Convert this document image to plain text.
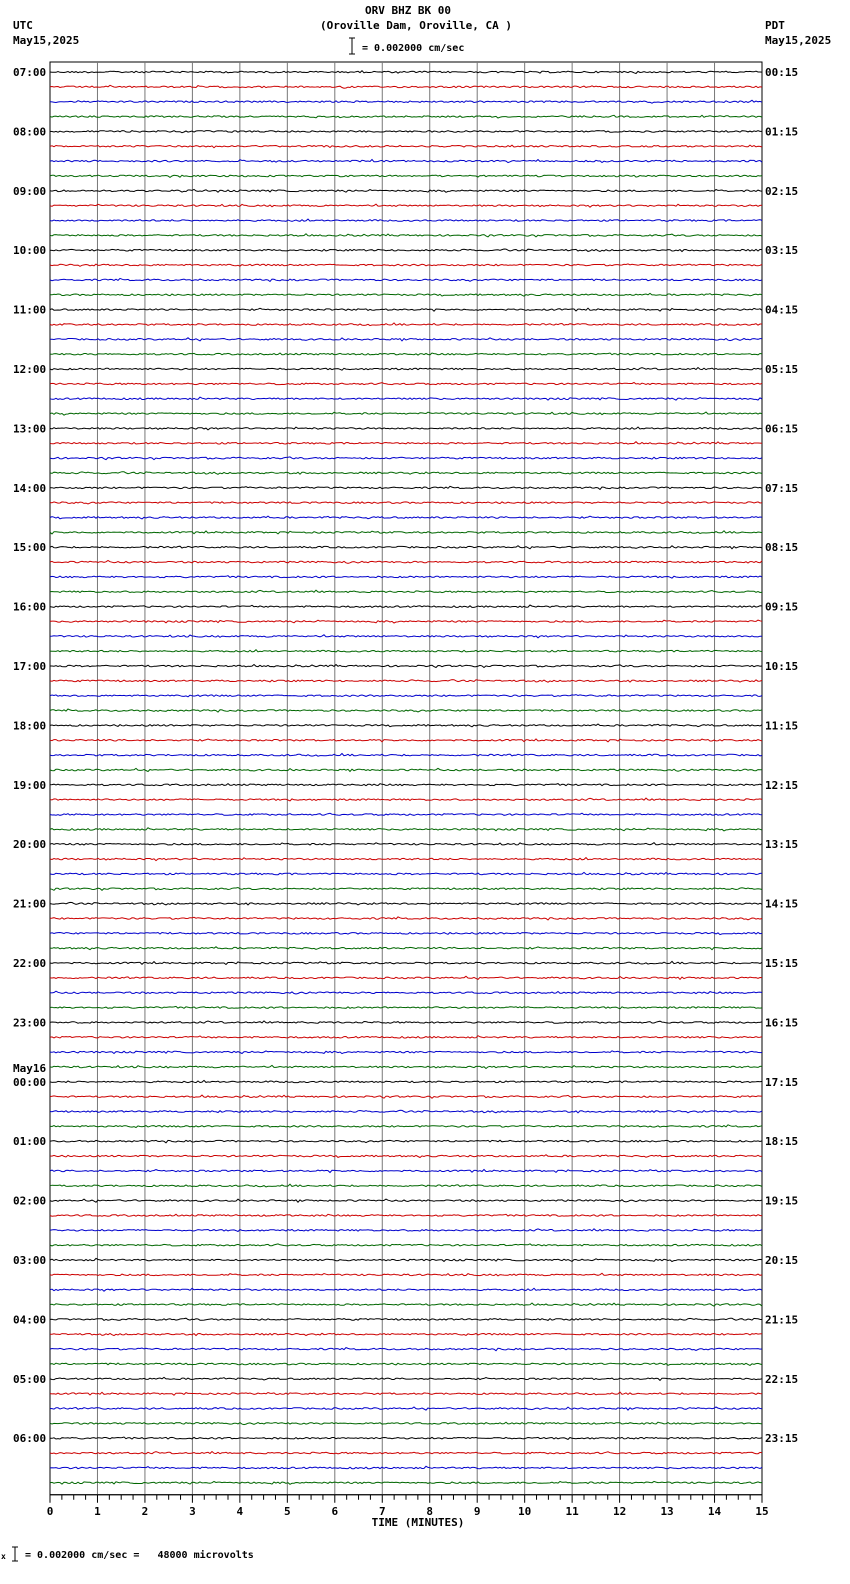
ORV BHZ BK 00
(Oroville Dam, Oroville, CA )
UTC
May15,2025
PDT
May15,2025
= 0.002000 cm/sec
07:00	00:15
08:00	01:15
09:00	02:15
10:00	03:15
11:00	04:15
12:00	05:15
13:00	06:15
14:00	07:15
15:00	08:15
16:00	09:15
17:00	10:15
18:00	11:15
19:00	12:15
20:00	13:15
21:00	14:15
22:00	15:15
23:00	16:15
00:00	17:15
01:00	18:15
02:00	19:15
03:00	20:15
04:00	21:15
05:00	22:15
06:00	23:15
May16
0	1	2	3	4	5	6	7	8	9	10	11	12	13	14	15
TIME (MINUTES)
x = 0.002000 cm/sec =   48000 microvolts
